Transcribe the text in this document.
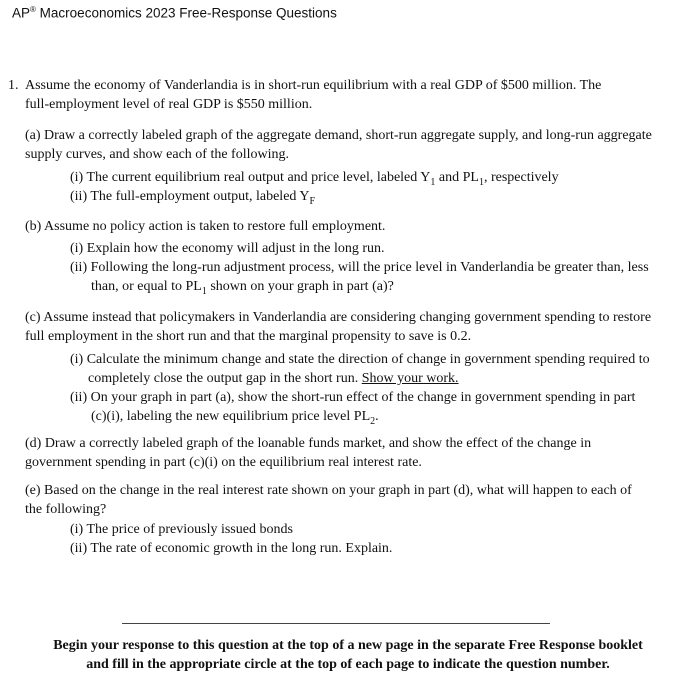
AP® Macroeconomics 2023 Free-Response Questions
1. Assume the economy of Vanderlandia is in short-run equilibrium with a real GDP of $500 million. The
full-employment level of real GDP is $550 million.
(a) Draw a correctly labeled graph of the aggregate demand, short-run aggregate supply, and long-run aggregate
supply curves, and show each of the following.
(i) The current equilibrium real output and price level, labeled $Y_1$ and $PL_1$, respectively
(ii) The full-employment output, labeled $Y_F$
(b) Assume no policy action is taken to restore full employment.
(i) Explain how the economy will adjust in the long run.
(ii) Following the long-run adjustment process, will the price level in Vanderlandia be greater than, less
than, or equal to $PL_1$ shown on your graph in part (a)?
(c) Assume instead that policymakers in Vanderlandia are considering changing government spending to restore
full employment in the short run and that the marginal propensity to save is 0.2.
(i) Calculate the minimum change and state the direction of change in government spending required to
completely close the output gap in the short run. Show your work.
(ii) On your graph in part (a), show the short-run effect of the change in government spending in part
(c)(i), labeling the new equilibrium price level $PL_2$.
(d) Draw a correctly labeled graph of the loanable funds market, and show the effect of the change in
government spending in part (c)(i) on the equilibrium real interest rate.
(e) Based on the change in the real interest rate shown on your graph in part (d), what will happen to each of
the following?
(i) The price of previously issued bonds
(ii) The rate of economic growth in the long run. Explain.
Begin your response to this question at the top of a new page in the separate Free Response booklet
and fill in the appropriate circle at the top of each page to indicate the question number.
